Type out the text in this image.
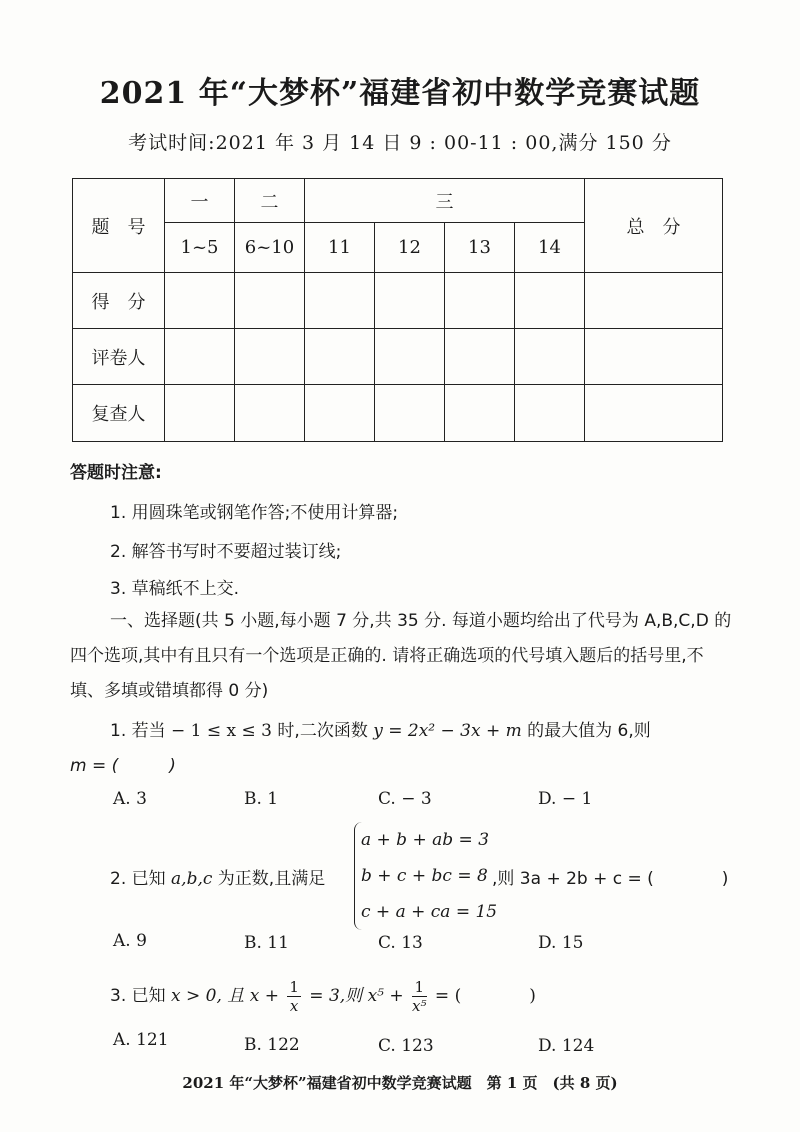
2021 年“大梦杯”福建省初中数学竞赛试题
考试时间:2021 年 3 月 14 日 9 : 00-11 : 00,满分 150 分
题　号	一	二	三				总　分
	1~5	6~10	11	12	13	14	
得　分							
评卷人							
复查人							
答题时注意:
1. 用圆珠笔或钢笔作答;不使用计算器;
2. 解答书写时不要超过装订线;
3. 草稿纸不上交.
一、选择题(共 5 小题,每小题 7 分,共 35 分. 每道小题均给出了代号为 A,B,C,D 的四个选项,其中有且只有一个选项是正确的. 请将正确选项的代号填入题后的括号里,不填、多填或错填都得 0 分)
1. 若当 − 1 ≤ x ≤ 3 时,二次函数 y = 2x² − 3x + m 的最大值为 6,则
m = (　　　)
A. 3	B. 1	C. − 3	D. − 1
2. 已知 a,b,c 为正数,且满足
a + b + ab = 3
b + c + bc = 8
c + a + ca = 15
,则 3a + 2b + c = (　　　　)
A. 9	B. 11	C. 13	D. 15
3. 已知 x > 0, 且 $x + \frac{1}{x} = 3$,则 $x^5 + \frac{1}{\text{x⁵}}$ = (　　　　)
A. 121	B. 122	C. 123	D. 124
2021 年“大梦杯”福建省初中数学竞赛试题　第 1 页　(共 8 页)
